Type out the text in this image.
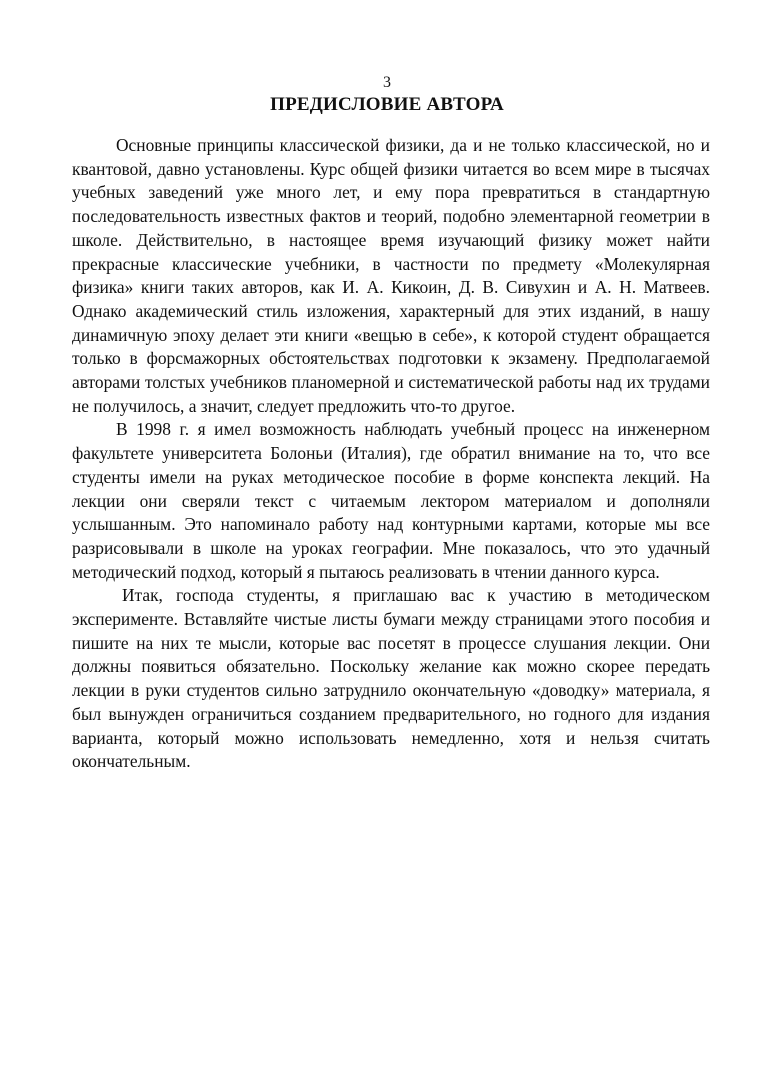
3
ПРЕДИСЛОВИЕ АВТОРА

Основные принципы классической физики, да и не только классической, но и квантовой, давно установлены. Курс общей физики читается во всем мире в тысячах учебных заведений уже много лет, и ему пора превратиться в стандартную последовательность известных фактов и теорий, подобно элементарной геометрии в школе. Действительно, в настоящее время изучающий физику может найти прекрасные классические учебники, в частности по предмету «Молекулярная физика» книги таких авторов, как И. А. Кикоин, Д. В. Сивухин и А. Н. Матвеев. Однако академический стиль изложения, характерный для этих изданий, в нашу динамичную эпоху делает эти книги «вещью в себе», к которой студент обращается только в форсмажорных обстоятельствах подготовки к экзамену. Предполагаемой авторами толстых учебников планомерной и систематической работы над их трудами не получилось, а значит, следует предложить что-то другое.

В 1998 г. я имел возможность наблюдать учебный процесс на инженерном факультете университета Болоньи (Италия), где обратил внимание на то, что все студенты имели на руках методическое пособие в форме конспекта лекций. На лекции они сверяли текст с читаемым лектором материалом и дополняли услышанным. Это напоминало работу над контурными картами, которые мы все разрисовывали в школе на уроках географии. Мне показалось, что это удачный методический подход, который я пытаюсь реализовать в чтении данного курса.

Итак, господа студенты, я приглашаю вас к участию в методическом эксперименте. Вставляйте чистые листы бумаги между страницами этого пособия и пишите на них те мысли, которые вас посетят в процессе слушания лекции. Они должны появиться обязательно. Поскольку желание как можно скорее передать лекции в руки студентов сильно затруднило окончательную «доводку» материала, я был вынужден ограничиться созданием предварительного, но годного для издания варианта, который можно использовать немедленно, хотя и нельзя считать окончательным.
